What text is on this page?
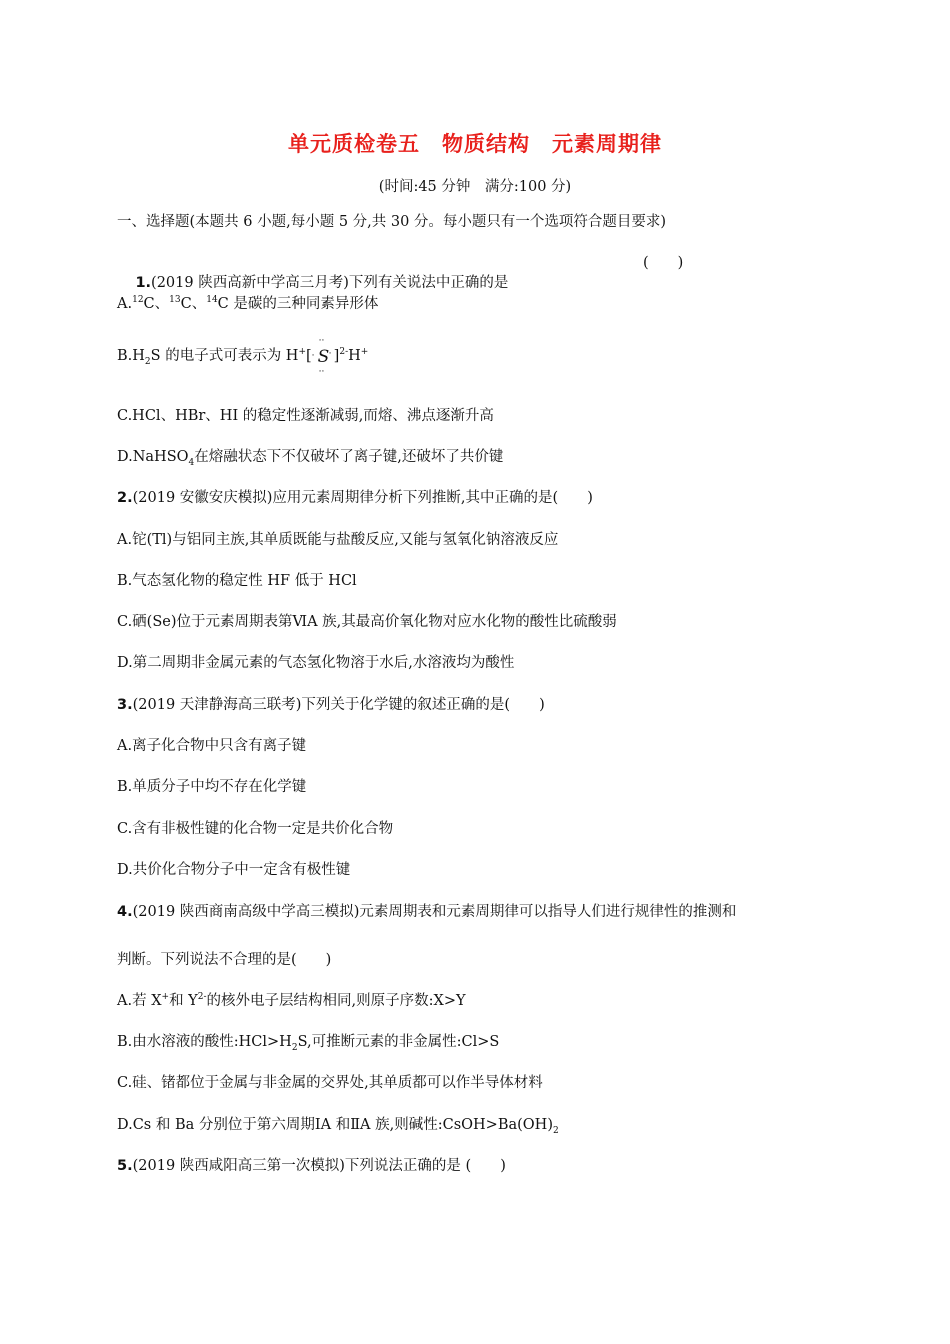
单元质检卷五　物质结构　元素周期律
(时间:45 分钟　满分:100 分)
一、选择题(本题共 6 小题,每小题 5 分,共 30 分。每小题只有一个选项符合题目要求)

1.(2019 陕西高新中学高三月考)下列有关说法中正确的是

(　　)
A.$^{12}$C、$^{13}$C、$^{14}$C 是碳的三种同素异形体
$B.H_2S$ 的电子式可表示为 H+[
··
· S ·
··
]$^{2-}$H+
C.HCl、HBr、HI 的稳定性逐渐减弱,而熔、沸点逐渐升高
D.NaHSO$_4$在熔融状态下不仅破坏了离子键,还破坏了共价键
2.(2019 安徽安庆模拟)应用元素周期律分析下列推断,其中正确的是(　　)
A.铊(Tl)与铝同主族,其单质既能与盐酸反应,又能与氢氧化钠溶液反应
B.气态氢化物的稳定性 HF 低于 HCl
C.硒(Se)位于元素周期表第ⅥA 族,其最高价氧化物对应水化物的酸性比硫酸弱
D.第二周期非金属元素的气态氢化物溶于水后,水溶液均为酸性
3.(2019 天津静海高三联考)下列关于化学键的叙述正确的是(　　)
A.离子化合物中只含有离子键
B.单质分子中均不存在化学键
C.含有非极性键的化合物一定是共价化合物
D.共价化合物分子中一定含有极性键
4.(2019 陕西商南高级中学高三模拟)元素周期表和元素周期律可以指导人们进行规律性的推测和
判断。下列说法不合理的是(　　)
A.若 X+和 $Y^{2-}$的核外电子层结构相同,则原子序数:X>Y
B.由水溶液的酸性$:HCl>H_2S$,可推断元素的非金属性:Cl>S
C.硅、锗都位于金属与非金属的交界处,其单质都可以作半导体材料
D.Cs 和 Ba 分别位于第六周期ⅠA 和ⅡA 族,则碱性$:CsOH>Ba(OH)_2$
5.(2019 陕西咸阳高三第一次模拟)下列说法正确的是 (　　)
